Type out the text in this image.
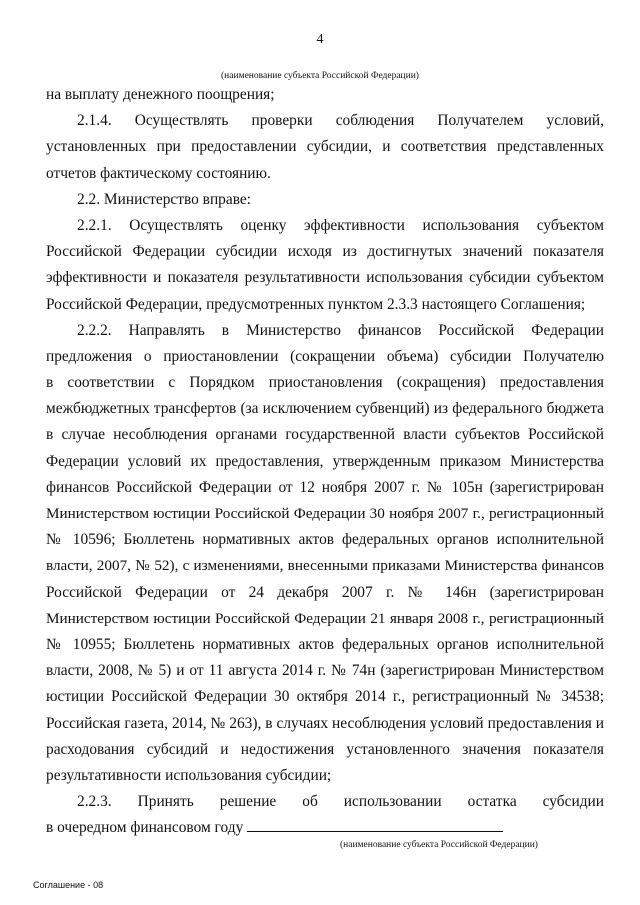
4
(наименование субъекта Российской Федерации)
на выплату денежного поощрения;
2.1.4. Осуществлять проверки соблюдения Получателем условий,
установленных при предоставлении субсидии, и соответствия представленных
отчетов фактическому состоянию.
2.2. Министерство вправе:
2.2.1. Осуществлять оценку эффективности использования субъектом
Российской Федерации субсидии исходя из достигнутых значений показателя
эффективности и показателя результативности использования субсидии субъектом
Российской Федерации, предусмотренных пунктом 2.3.3 настоящего Соглашения;
2.2.2. Направлять в Министерство финансов Российской Федерации
предложения о приостановлении (сокращении объема) субсидии Получателю
в соответствии с Порядком приостановления (сокращения) предоставления
межбюджетных трансфертов (за исключением субвенций) из федерального бюджета
в случае несоблюдения органами государственной власти субъектов Российской
Федерации условий их предоставления, утвержденным приказом Министерства
финансов Российской Федерации от 12 ноября 2007 г. № 105н (зарегистрирован
Министерством юстиции Российской Федерации 30 ноября 2007 г., регистрационный
№ 10596; Бюллетень нормативных актов федеральных органов исполнительной
власти, 2007, № 52), с изменениями, внесенными приказами Министерства финансов
Российской Федерации от 24 декабря 2007 г. № 146н (зарегистрирован
Министерством юстиции Российской Федерации 21 января 2008 г., регистрационный
№ 10955; Бюллетень нормативных актов федеральных органов исполнительной
власти, 2008, № 5) и от 11 августа 2014 г. № 74н (зарегистрирован Министерством
юстиции Российской Федерации 30 октября 2014 г., регистрационный № 34538;
Российская газета, 2014, № 263), в случаях несоблюдения условий предоставления и
расходования субсидий и недостижения установленного значения показателя
результативности использования субсидии;
2.2.3. Принять решение об использовании остатка субсидии
в очередном финансовом году
(наименование субъекта Российской Федерации)
Соглашение - 08
